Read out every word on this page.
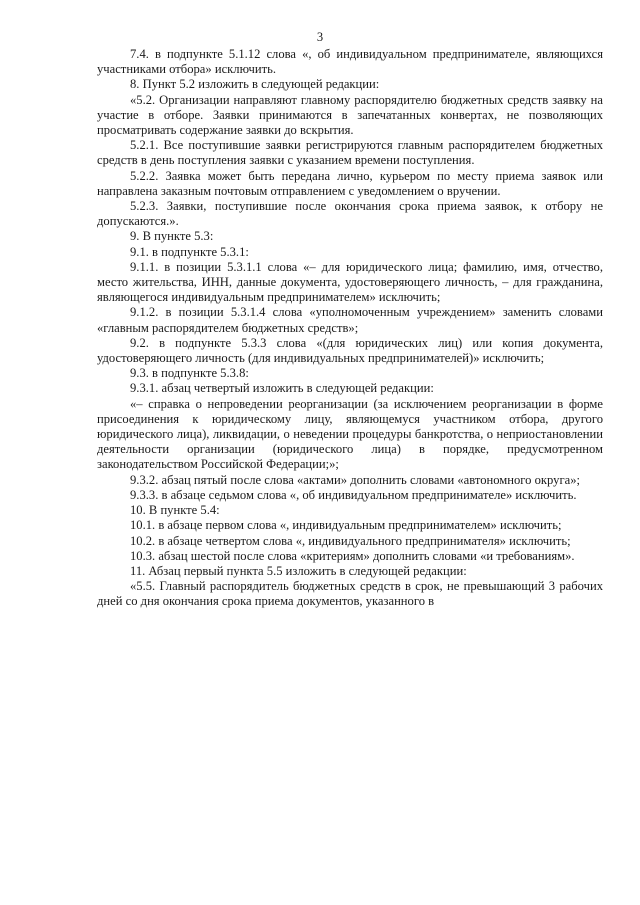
3

7.4. в подпункте 5.1.12 слова «, об индивидуальном предпринимателе, являющихся участниками отбора» исключить.

8. Пункт 5.2 изложить в следующей редакции:

«5.2. Организации направляют главному распорядителю бюджетных средств заявку на участие в отборе. Заявки принимаются в запечатанных конвертах, не позволяющих просматривать содержание заявки до вскрытия.

5.2.1. Все поступившие заявки регистрируются главным распорядителем бюджетных средств в день поступления заявки с указанием времени поступления.

5.2.2. Заявка может быть передана лично, курьером по месту приема заявок или направлена заказным почтовым отправлением с уведомлением о вручении.

5.2.3. Заявки, поступившие после окончания срока приема заявок, к отбору не допускаются.».

9. В пункте 5.3:

9.1. в подпункте 5.3.1:

9.1.1. в позиции 5.3.1.1 слова «– для юридического лица; фамилию, имя, отчество, место жительства, ИНН, данные документа, удостоверяющего личность, – для гражданина, являющегося индивидуальным предпринимателем» исключить;

9.1.2. в позиции 5.3.1.4 слова «уполномоченным учреждением» заменить словами «главным распорядителем бюджетных средств»;

9.2. в подпункте 5.3.3 слова «(для юридических лиц) или копия документа, удостоверяющего личность (для индивидуальных предпринимателей)» исключить;

9.3. в подпункте 5.3.8:

9.3.1. абзац четвертый изложить в следующей редакции:

«– справка о непроведении реорганизации (за исключением реорганизации в форме присоединения к юридическому лицу, являющемуся участником отбора, другого юридического лица), ликвидации, о неведении процедуры банкротства, о неприостановлении деятельности организации (юридического лица) в порядке, предусмотренном законодательством Российской Федерации;»;

9.3.2. абзац пятый после слова «актами» дополнить словами «автономного округа»;

9.3.3. в абзаце седьмом слова «, об индивидуальном предпринимателе» исключить.

10. В пункте 5.4:

10.1. в абзаце первом слова «, индивидуальным предпринимателем» исключить;

10.2. в абзаце четвертом слова «, индивидуального предпринимателя» исключить;

10.3. абзац шестой после слова «критериям» дополнить словами «и требованиям».

11. Абзац первый пункта 5.5 изложить в следующей редакции:

«5.5. Главный распорядитель бюджетных средств в срок, не превышающий 3 рабочих дней со дня окончания срока приема документов, указанного в
